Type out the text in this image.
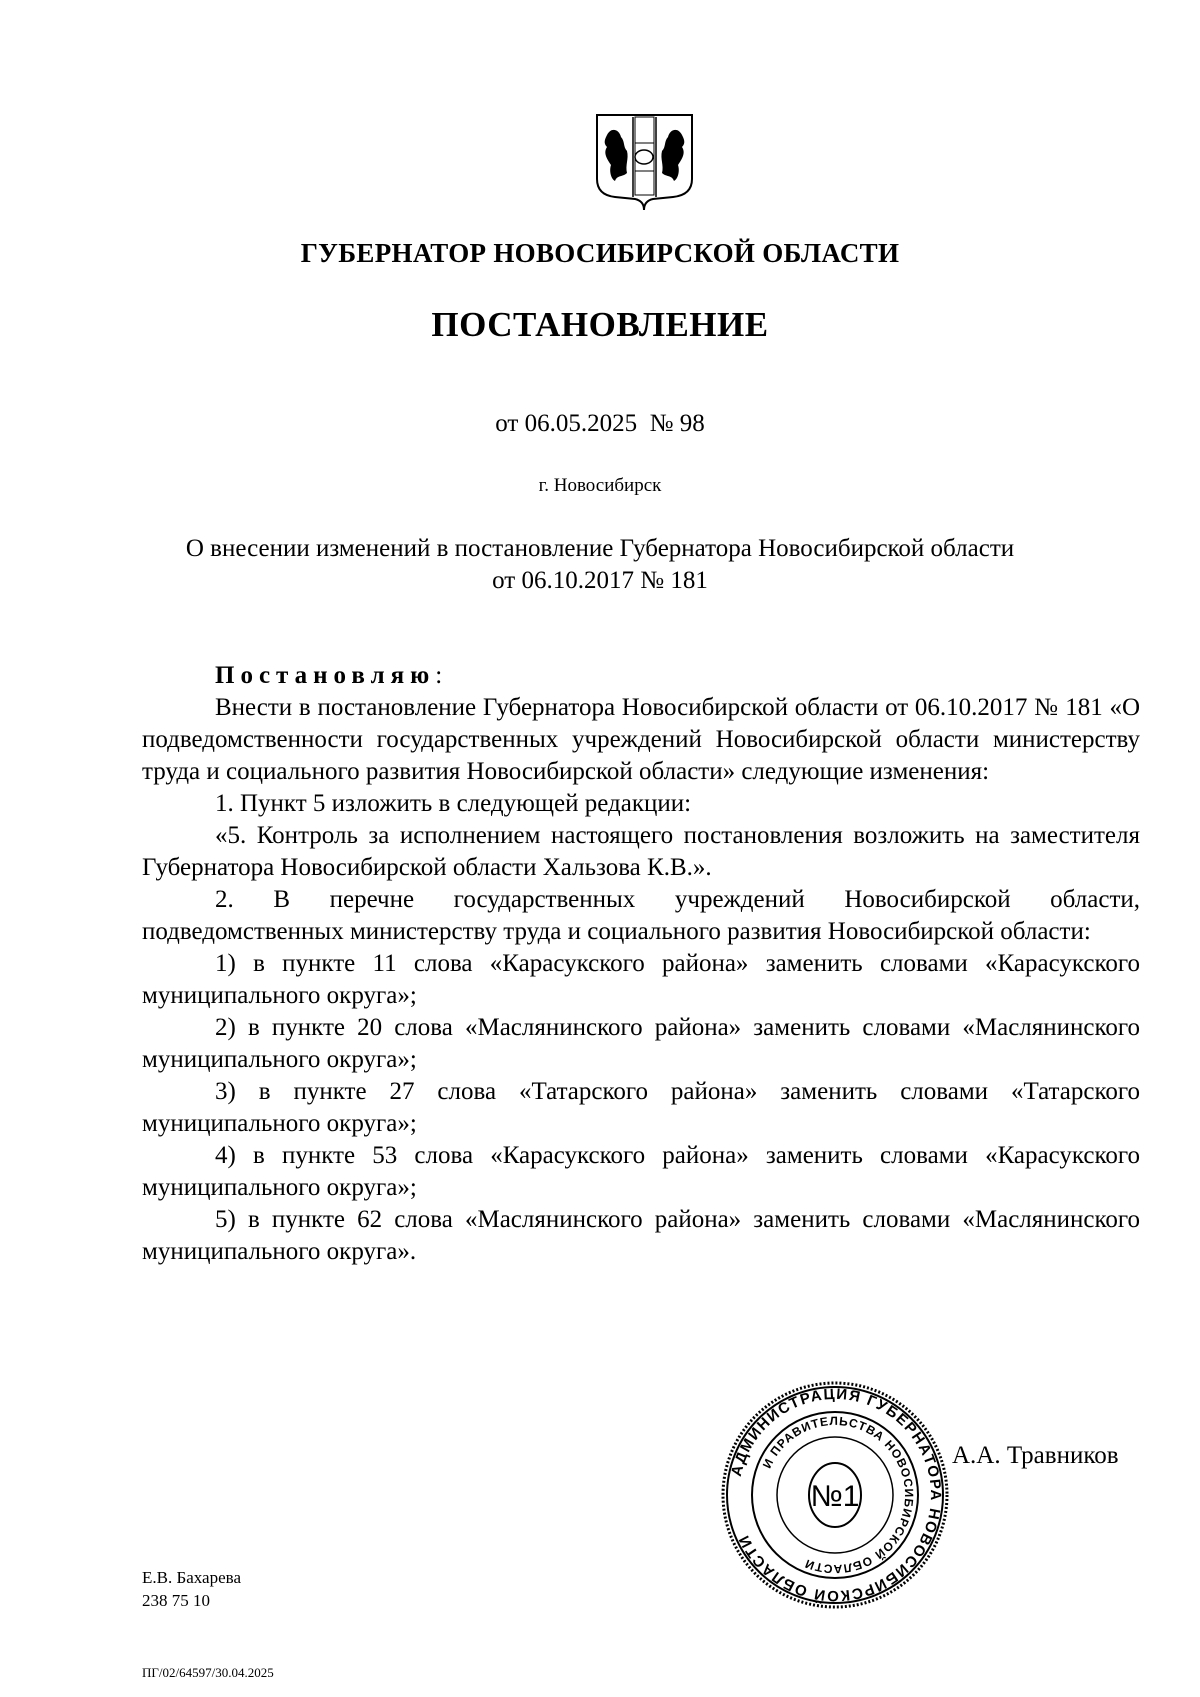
ГУБЕРНАТОР НОВОСИБИРСКОЙ ОБЛАСТИ
ПОСТАНОВЛЕНИЕ
от 06.05.2025  № 98
г. Новосибирск
О внесении изменений в постановление Губернатора Новосибирской области
от 06.10.2017 № 181

Постановляю:

Внести в постановление Губернатора Новосибирской области от 06.10.2017 № 181 «О подведомственности государственных учреждений Новосибирской области министерству труда и социального развития Новосибирской области» следующие изменения:

1. Пункт 5 изложить в следующей редакции:

«5. Контроль за исполнением настоящего постановления возложить на заместителя Губернатора Новосибирской области Хальзова К.В.».

2. В перечне государственных учреждений Новосибирской области, подведомственных министерству труда и социального развития Новосибирской области:

1) в пункте 11 слова «Карасукского района» заменить словами «Карасукского муниципального округа»;

2) в пункте 20 слова «Маслянинского района» заменить словами «Маслянинского муниципального округа»;

3) в пункте 27 слова «Татарского района» заменить словами «Татарского муниципального округа»;

4) в пункте 53 слова «Карасукского района» заменить словами «Карасукского муниципального округа»;

5) в пункте 62 слова «Маслянинского района» заменить словами «Маслянинского муниципального округа».

АДМИНИСТРАЦИЯ ГУБЕРНАТОРА НОВОСИБИРСКОЙ ОБЛАСТИ
И ПРАВИТЕЛЬСТВА НОВОСИБИРСКОЙ ОБЛАСТИ
№1
А.А. Травников
Е.В. Бахарева
238 75 10
ПГ/02/64597/30.04.2025
